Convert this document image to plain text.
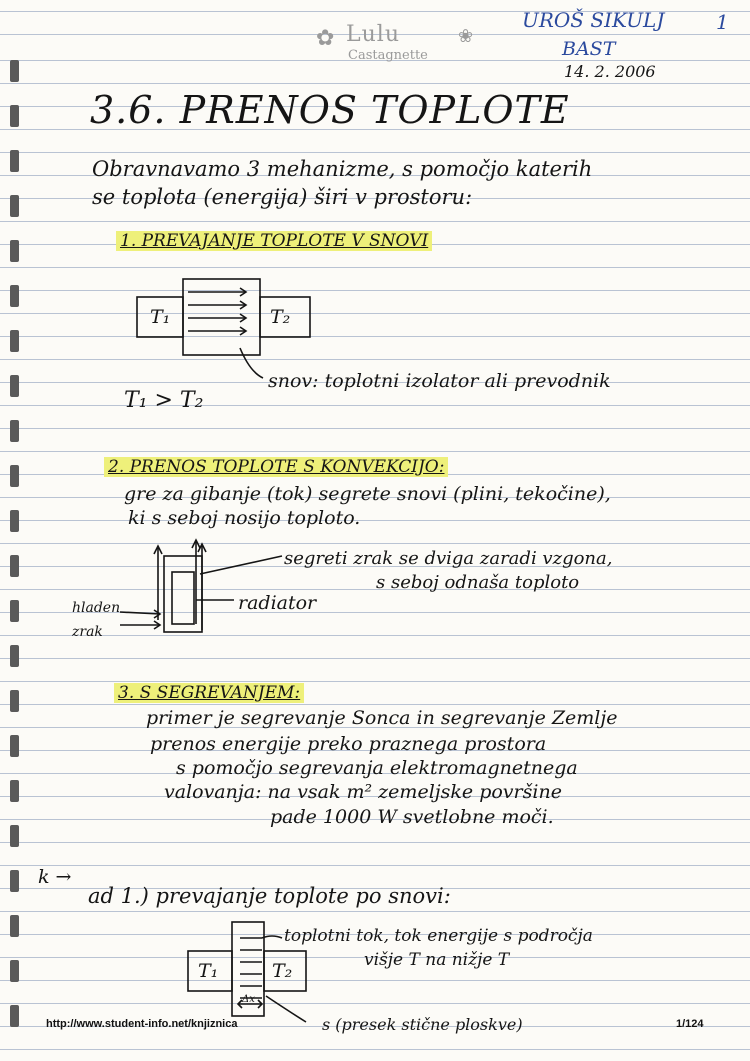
✿ Lulu
Castagnette
❀
UROŠ SIKULJ	1
BAST
14. 2. 2006
3.6. PRENOS TOPLOTE
Obravnavamo 3 mehanizme, s pomočjo katerih
se toplota (energija) širi v prostoru:
1. PREVAJANJE TOPLOTE V SNOVI
T₁	T₂
snov: toplotni izolator ali prevodnik
T₁ > T₂
2. PRENOS TOPLOTE S KONVEKCIJO:
gre za gibanje (tok) segrete snovi (plini, tekočine),
ki s seboj nosijo toploto.
segreti zrak se dviga zaradi vzgona,
s seboj odnaša toploto
radiator
hladen
zrak
3. S SEGREVANJEM:
primer je segrevanje Sonca in segrevanje Zemlje
prenos energije preko praznega prostora
s pomočjo segrevanja elektromagnetnega
valovanja: na vsak m² zemeljske površine
pade 1000 W svetlobne moči.
k →
ad 1.) prevajanje toplote po snovi:
toplotni tok, tok energije s področja
višje T na nižje T
T₁	T₂
Δx
s (presek stične ploskve)
http://www.student-info.net/knjiznica	1/124
